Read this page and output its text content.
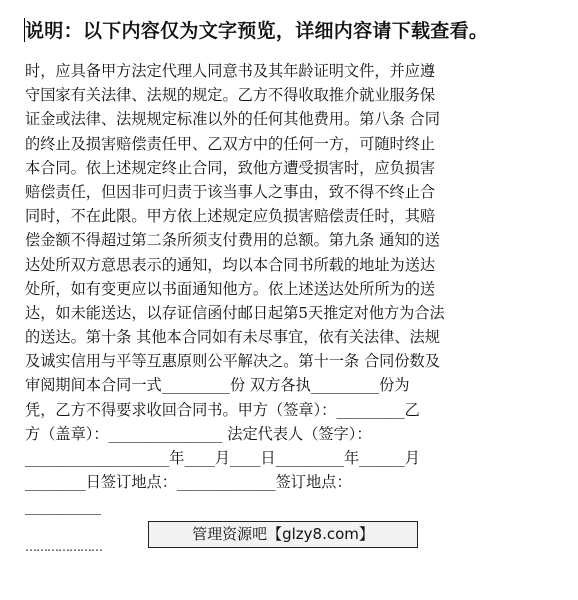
说明：以下内容仅为文字预览，详细内容请下载查看。
时，应具备甲方法定代理人同意书及其年龄证明文件，并应遵
守国家有关法律、法规的规定。乙方不得收取推介就业服务保
证金或法律、法规规定标准以外的任何其他费用。第八条 合同
的终止及损害赔偿责任甲、乙双方中的任何一方，可随时终止
本合同。依上述规定终止合同，致他方遭受损害时，应负损害
赔偿责任，但因非可归责于该当事人之事由，致不得不终止合
同时，不在此限。甲方依上述规定应负损害赔偿责任时，其赔
偿金额不得超过第二条所须支付费用的总额。第九条 通知的送
达处所双方意思表示的通知，均以本合同书所载的地址为送达
处所，如有变更应以书面通知他方。依上述送达处所所为的送
达，如未能送达，以存证信函付邮日起第5天推定对他方为合法
的送达。第十条 其他本合同如有未尽事宜，依有关法律、法规
及诚实信用与平等互惠原则公平解决之。第十一条 合同份数及
审阅期间本合同一式_________份 双方各执_________份为
凭，乙方不得要求收回合同书。甲方（签章）：_________乙
方（盖章）：_______________ 法定代表人（签字）：
___________________年____月____日_________年______月
________日签订地点：_____________签订地点：
__________
…………………
管理资源吧【glzy8.com】
